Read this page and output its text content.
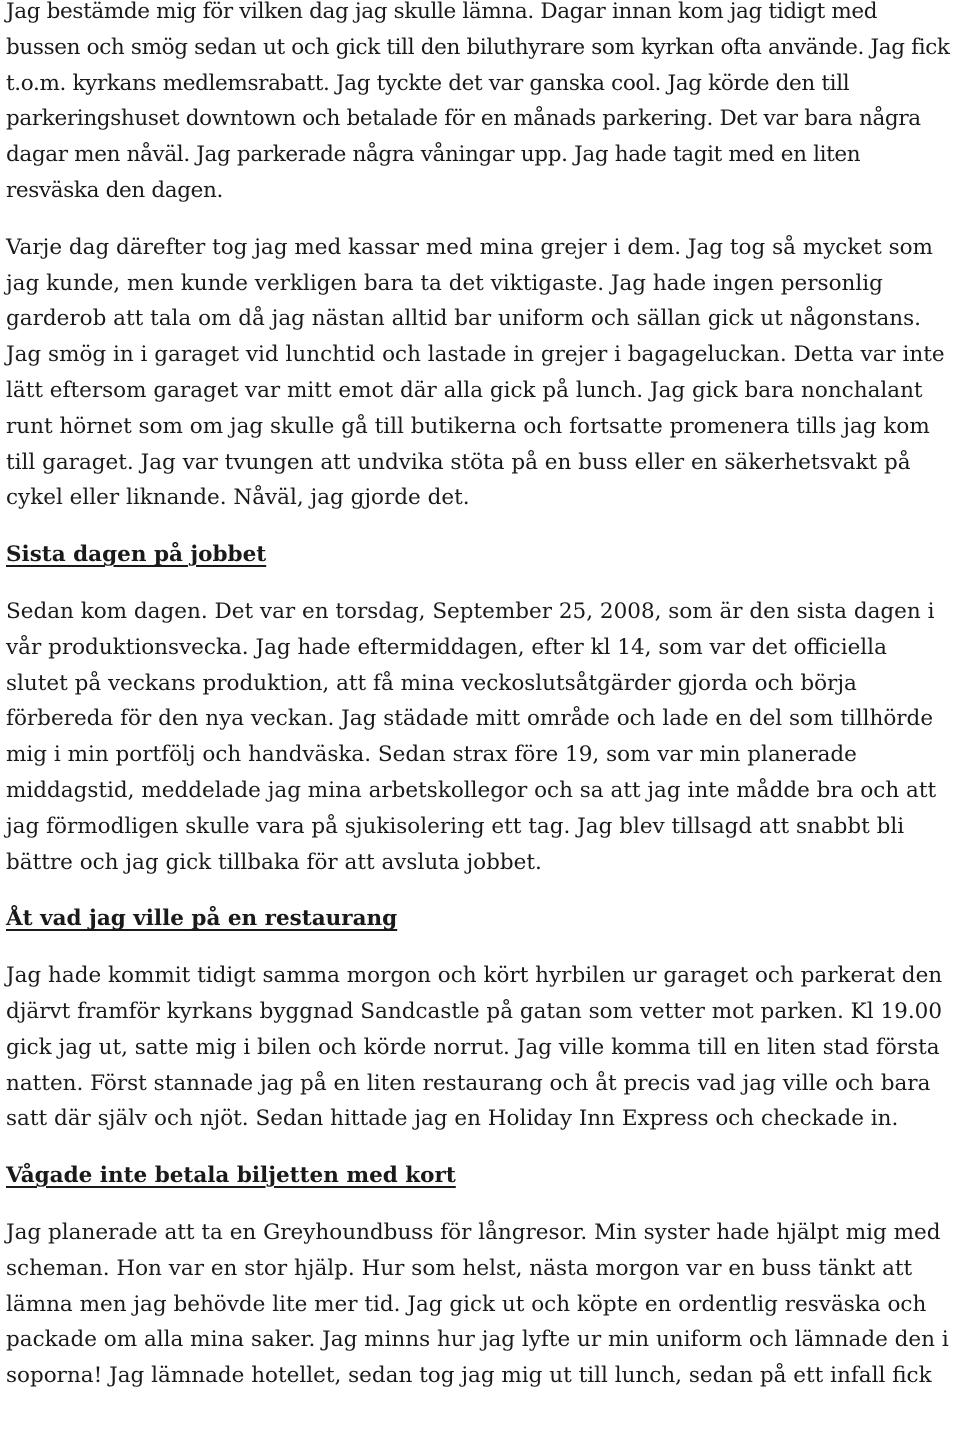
Jag bestämde mig för vilken dag jag skulle lämna. Dagar innan kom jag tidigt med bussen och smög sedan ut och gick till den biluthyrare som kyrkan ofta använde. Jag fick t.o.m. kyrkans medlemsrabatt. Jag tyckte det var ganska cool. Jag körde den till parkeringshuset downtown och betalade för en månads parkering. Det var bara några dagar men nåväl. Jag parkerade några våningar upp. Jag hade tagit med en liten resväska den dagen.

Varje dag därefter tog jag med kassar med mina grejer i dem. Jag tog så mycket som jag kunde, men kunde verkligen bara ta det viktigaste. Jag hade ingen personlig garderob att tala om då jag nästan alltid bar uniform och sällan gick ut någonstans. Jag smög in i garaget vid lunchtid och lastade in grejer i bagageluckan. Detta var inte lätt eftersom garaget var mitt emot där alla gick på lunch. Jag gick bara nonchalant runt hörnet som om jag skulle gå till butikerna och fortsatte promenera tills jag kom till garaget. Jag var tvungen att undvika stöta på en buss eller en säkerhetsvakt på cykel eller liknande. Nåväl, jag gjorde det.

Sista dagen på jobbet

Sedan kom dagen. Det var en torsdag, September 25, 2008, som är den sista dagen i vår produktionsvecka. Jag hade eftermiddagen, efter kl 14, som var det officiella slutet på veckans produktion, att få mina veckoslutsåtgärder gjorda och börja förbereda för den nya veckan. Jag städade mitt område och lade en del som tillhörde mig i min portfölj och handväska. Sedan strax före 19, som var min planerade middagstid, meddelade jag mina arbetskollegor och sa att jag inte mådde bra och att jag förmodligen skulle vara på sjukisolering ett tag. Jag blev tillsagd att snabbt bli bättre och jag gick tillbaka för att avsluta jobbet.

Åt vad jag ville på en restaurang

Jag hade kommit tidigt samma morgon och kört hyrbilen ur garaget och parkerat den djärvt framför kyrkans byggnad Sandcastle på gatan som vetter mot parken. Kl 19.00 gick jag ut, satte mig i bilen och körde norrut. Jag ville komma till en liten stad första natten. Först stannade jag på en liten restaurang och åt precis vad jag ville och bara satt där själv och njöt. Sedan hittade jag en Holiday Inn Express och checkade in.

Vågade inte betala biljetten med kort

Jag planerade att ta en Greyhoundbuss för långresor. Min syster hade hjälpt mig med scheman. Hon var en stor hjälp. Hur som helst, nästa morgon var en buss tänkt att lämna men jag behövde lite mer tid. Jag gick ut och köpte en ordentlig resväska och packade om alla mina saker. Jag minns hur jag lyfte ur min uniform och lämnade den i soporna! Jag lämnade hotellet, sedan tog jag mig ut till lunch, sedan på ett infall fick
